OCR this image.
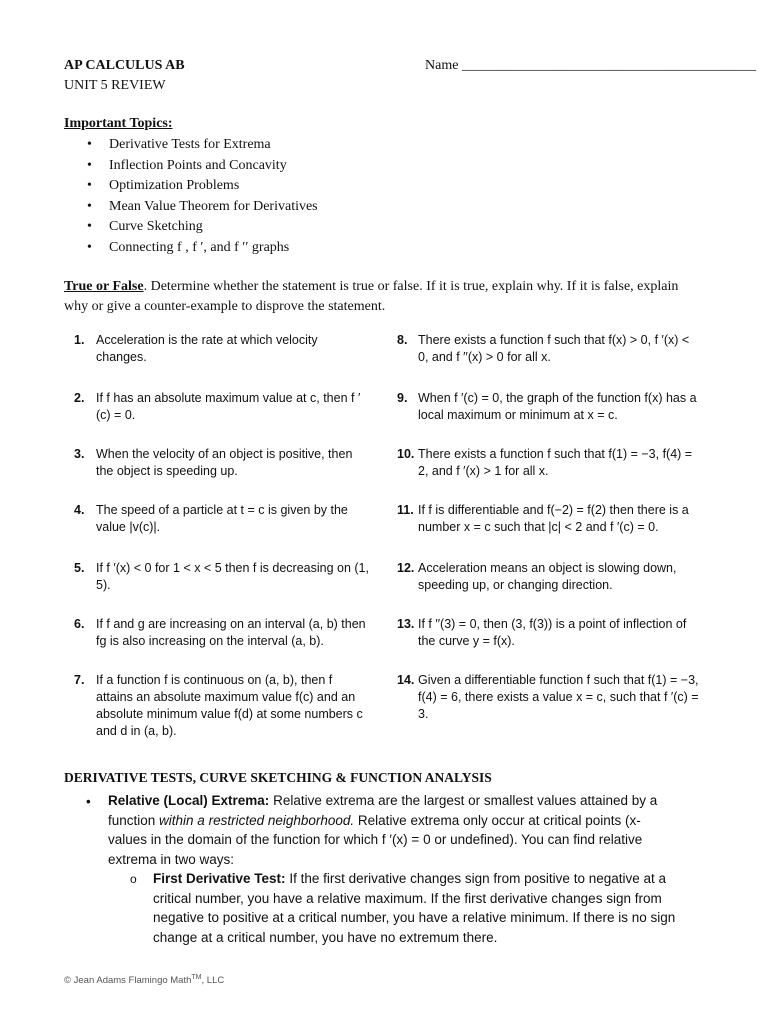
AP CALCULUS AB
UNIT 5 REVIEW
Name __________________________________________
Important Topics:
• Derivative Tests for Extrema
• Inflection Points and Concavity
• Optimization Problems
• Mean Value Theorem for Derivatives
• Curve Sketching
• Connecting f , f ′, and f ′′ graphs
True or False. Determine whether the statement is true or false. If it is true, explain why. If it is false, explain why or give a counter-example to disprove the statement.
1. Acceleration is the rate at which velocity changes.
2. If f has an absolute maximum value at c, then f ′(c) = 0.
3. When the velocity of an object is positive, then the object is speeding up.
4. The speed of a particle at t = c is given by the value |v(c)|.
5. If f ′(x) < 0 for 1 < x < 5 then f is decreasing on (1, 5).
6. If f and g are increasing on an interval (a, b) then fg is also increasing on the interval (a, b).
7. If a function f is continuous on (a, b), then f attains an absolute maximum value f(c) and an absolute minimum value f(d) at some numbers c and d in (a, b).
8. There exists a function f such that f(x) > 0, f ′(x) < 0, and f ′′(x) > 0 for all x.
9. When f ′(c) = 0, the graph of the function f(x) has a local maximum or minimum at x = c.
10. There exists a function f such that f(1) = −3, f(4) = 2, and f ′(x) > 1 for all x.
11. If f is differentiable and f(−2) = f(2) then there is a number x = c such that |c| < 2 and f ′(c) = 0.
12. Acceleration means an object is slowing down, speeding up, or changing direction.
13. If f ′′(3) = 0, then (3, f(3)) is a point of inflection of the curve y = f(x).
14. Given a differentiable function f such that f(1) = −3, f(4) = 6, there exists a value x = c, such that f ′(c) = 3.
DERIVATIVE TESTS, CURVE SKETCHING & FUNCTION ANALYSIS
• Relative (Local) Extrema: Relative extrema are the largest or smallest values attained by a function within a restricted neighborhood. Relative extrema only occur at critical points (x-values in the domain of the function for which f ′(x) = 0 or undefined). You can find relative extrema in two ways:
o First Derivative Test: If the first derivative changes sign from positive to negative at a critical number, you have a relative maximum. If the first derivative changes sign from negative to positive at a critical number, you have a relative minimum. If there is no sign change at a critical number, you have no extremum there.
© Jean Adams Flamingo Math™, LLC
